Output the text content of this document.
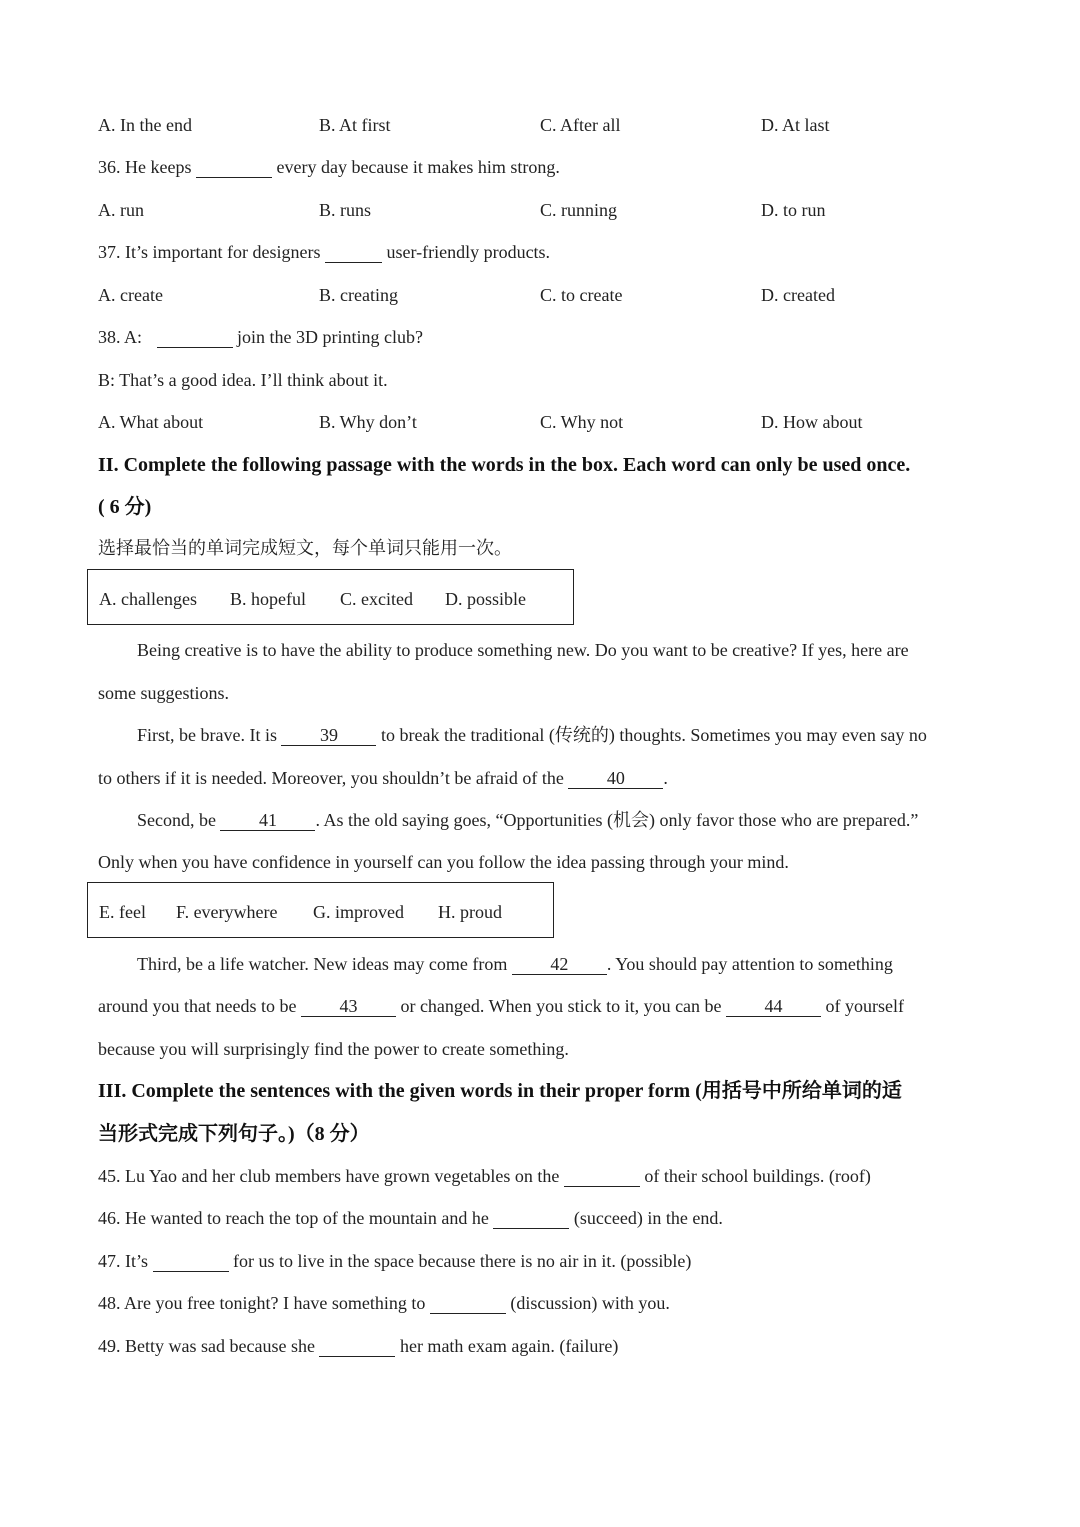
A. In the end	B. At first	C. After all	D. At last
36. He keeps	every day because it makes him strong.
A. run	B. runs	C. running	D. to run
37. It’s important for designers	user-friendly products.
A. create	B. creating	C. to create	D. created
38. A:	join the 3D printing club?
B: That’s a good idea. I’ll think about it.
A. What about	B. Why don’t	C. Why not	D. How about
II. Complete the following passage with the words in the box. Each word can only be used once.
( 6 分)
选择最恰当的单词完成短文，每个单词只能用一次。
A. challenges B. hopeful C. excited D. possible
Being creative is to have the ability to produce something new. Do you want to be creative? If yes, here are
some suggestions.
First, be brave. It is 39 to break the traditional (传统的) thoughts. Sometimes you may even say no
to others if it is needed. Moreover, you shouldn’t be afraid of the 40 .
Second, be 41 . As the old saying goes, “Opportunities (机会) only favor those who are prepared.”
Only when you have confidence in yourself can you follow the idea passing through your mind.
E. feel F. everywhere G. improved H. proud
Third, be a life watcher. New ideas may come from 42 . You should pay attention to something
around you that needs to be 43 or changed. When you stick to it, you can be 44 of yourself
because you will surprisingly find the power to create something.
III. Complete the sentences with the given words in their proper form (用括号中所给单词的适
当形式完成下列句子。)（8 分）
45. Lu Yao and her club members have grown vegetables on the	of their school buildings. (roof)
46. He wanted to reach the top of the mountain and he	(succeed) in the end.
47. It’s	for us to live in the space because there is no air in it. (possible)
48. Are you free tonight? I have something to	(discussion) with you.
49. Betty was sad because she	her math exam again. (failure)
